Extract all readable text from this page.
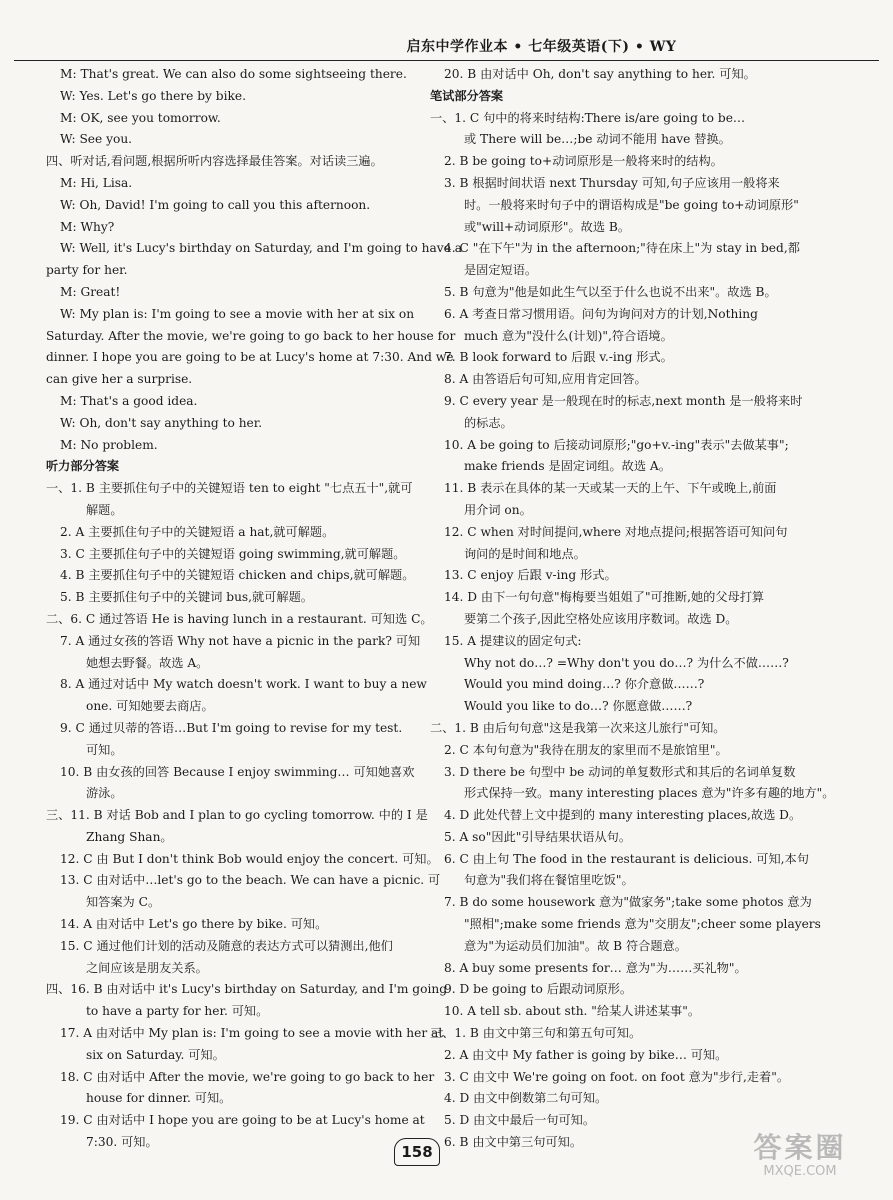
启东中学作业本 • 七年级英语(下) • WY
M: That's great. We can also do some sightseeing there.
W: Yes. Let's go there by bike.
M: OK, see you tomorrow.
W: See you.
四、听对话,看问题,根据所听内容选择最佳答案。对话读三遍。
M: Hi, Lisa.
W: Oh, David! I'm going to call you this afternoon.
M: Why?
W: Well, it's Lucy's birthday on Saturday, and I'm going to have a
party for her.
M: Great!
W: My plan is: I'm going to see a movie with her at six on
Saturday. After the movie, we're going to go back to her house for
dinner. I hope you are going to be at Lucy's home at 7:30. And we
can give her a surprise.
M: That's a good idea.
W: Oh, don't say anything to her.
M: No problem.
听力部分答案
一、1. B 主要抓住句子中的关键短语 ten to eight "七点五十",就可
解题。
2. A 主要抓住句子中的关键短语 a hat,就可解题。
3. C 主要抓住句子中的关键短语 going swimming,就可解题。
4. B 主要抓住句子中的关键短语 chicken and chips,就可解题。
5. B 主要抓住句子中的关键词 bus,就可解题。
二、6. C 通过答语 He is having lunch in a restaurant. 可知选 C。
7. A 通过女孩的答语 Why not have a picnic in the park? 可知
她想去野餐。故选 A。
8. A 通过对话中 My watch doesn't work. I want to buy a new
one. 可知她要去商店。
9. C 通过贝蒂的答语…But I'm going to revise for my test.
可知。
10. B 由女孩的回答 Because I enjoy swimming… 可知她喜欢
游泳。
三、11. B 对话 Bob and I plan to go cycling tomorrow. 中的 I 是
Zhang Shan。
12. C 由 But I don't think Bob would enjoy the concert. 可知。
13. C 由对话中…let's go to the beach. We can have a picnic. 可
知答案为 C。
14. A 由对话中 Let's go there by bike. 可知。
15. C 通过他们计划的活动及随意的表达方式可以猜测出,他们
之间应该是朋友关系。
四、16. B 由对话中 it's Lucy's birthday on Saturday, and I'm going
to have a party for her. 可知。
17. A 由对话中 My plan is: I'm going to see a movie with her at
six on Saturday. 可知。
18. C 由对话中 After the movie, we're going to go back to her
house for dinner. 可知。
19. C 由对话中 I hope you are going to be at Lucy's home at
7:30. 可知。
20. B 由对话中 Oh, don't say anything to her. 可知。
笔试部分答案
一、1. C 句中的将来时结构:There is/are going to be…
或 There will be…;be 动词不能用 have 替换。
2. B be going to+动词原形是一般将来时的结构。
3. B 根据时间状语 next Thursday 可知,句子应该用一般将来
时。一般将来时句子中的谓语构成是"be going to+动词原形"
或"will+动词原形"。故选 B。
4. C "在下午"为 in the afternoon;"待在床上"为 stay in bed,都
是固定短语。
5. B 句意为"他是如此生气以至于什么也说不出来"。故选 B。
6. A 考查日常习惯用语。问句为询问对方的计划,Nothing
much 意为"没什么(计划)",符合语境。
7. B look forward to 后跟 v.-ing 形式。
8. A 由答语后句可知,应用肯定回答。
9. C every year 是一般现在时的标志,next month 是一般将来时
的标志。
10. A be going to 后接动词原形;"go+v.-ing"表示"去做某事";
make friends 是固定词组。故选 A。
11. B 表示在具体的某一天或某一天的上午、下午或晚上,前面
用介词 on。
12. C when 对时间提问,where 对地点提问;根据答语可知问句
询问的是时间和地点。
13. C enjoy 后跟 v-ing 形式。
14. D 由下一句句意"梅梅要当姐姐了"可推断,她的父母打算
要第二个孩子,因此空格处应该用序数词。故选 D。
15. A 提建议的固定句式:
Why not do…? =Why don't you do…? 为什么不做……?
Would you mind doing…? 你介意做……?
Would you like to do…? 你愿意做……?
二、1. B 由后句句意"这是我第一次来这儿旅行"可知。
2. C 本句句意为"我待在朋友的家里而不是旅馆里"。
3. D there be 句型中 be 动词的单复数形式和其后的名词单复数
形式保持一致。many interesting places 意为"许多有趣的地方"。
4. D 此处代替上文中提到的 many interesting places,故选 D。
5. A so"因此"引导结果状语从句。
6. C 由上句 The food in the restaurant is delicious. 可知,本句
句意为"我们将在餐馆里吃饭"。
7. B do some housework 意为"做家务";take some photos 意为
"照相";make some friends 意为"交朋友";cheer some players
意为"为运动员们加油"。故 B 符合题意。
8. A buy some presents for… 意为"为……买礼物"。
9. D be going to 后跟动词原形。
10. A tell sb. about sth. "给某人讲述某事"。
三、1. B 由文中第三句和第五句可知。
2. A 由文中 My father is going by bike… 可知。
3. C 由文中 We're going on foot. on foot 意为"步行,走着"。
4. D 由文中倒数第二句可知。
5. D 由文中最后一句可知。
6. B 由文中第三句可知。
158	答案圈
MXQE.COM
